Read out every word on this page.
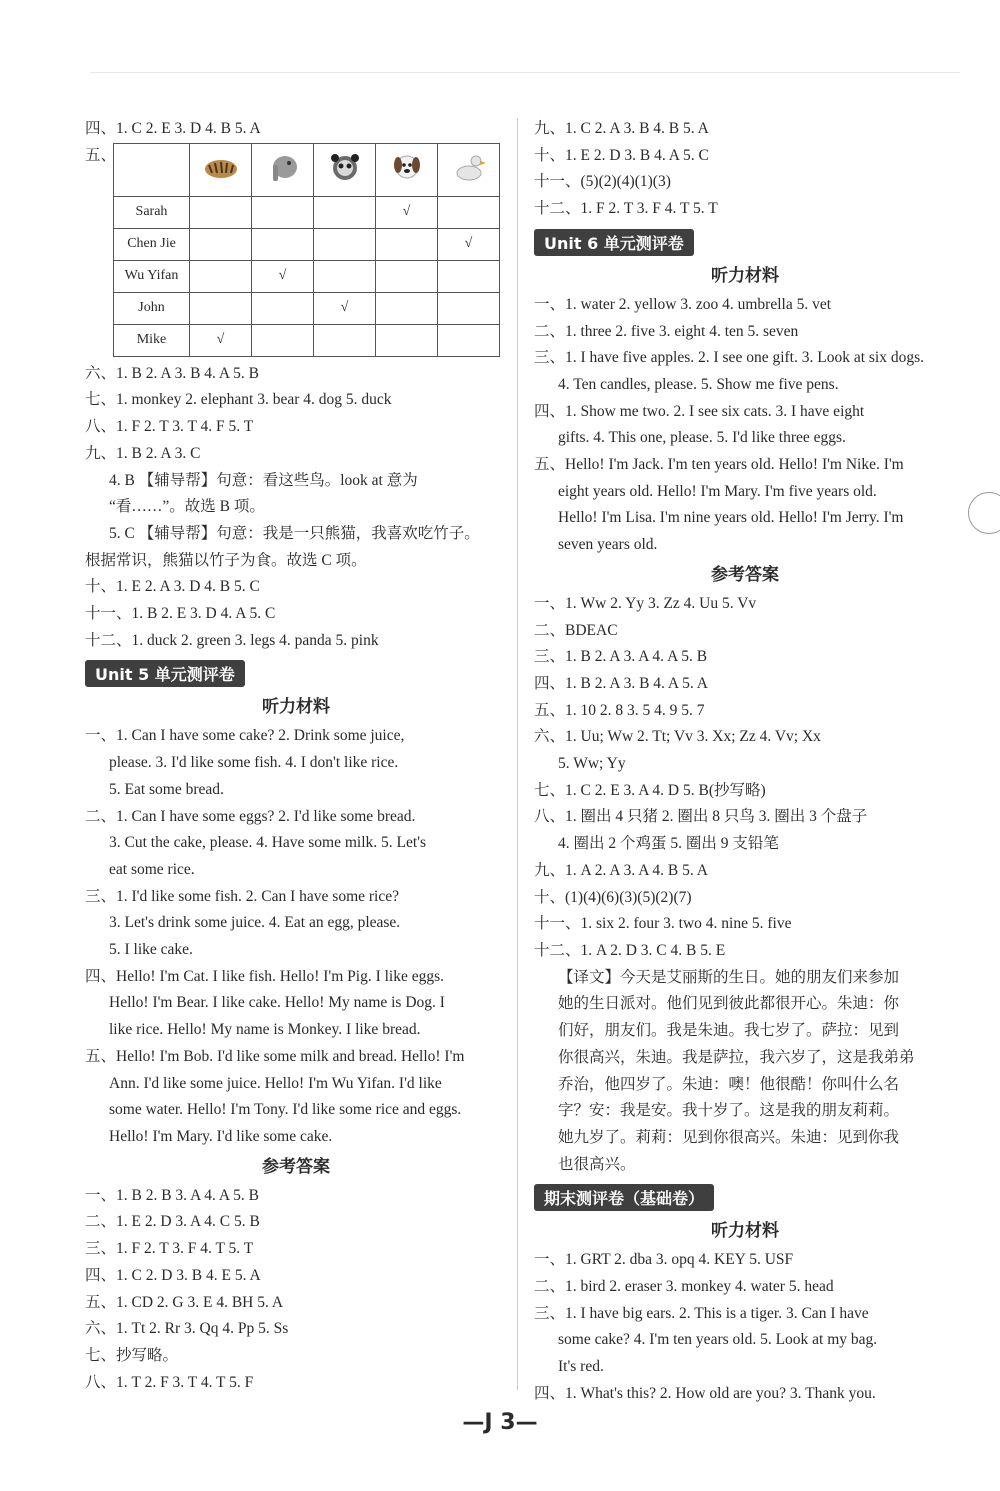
四、1. C 2. E 3. D 4. B 5. A
五、

Sarah				√	
Chen Jie					√
Wu Yifan		√			
John			√		
Mike	√				
六、1. B 2. A 3. B 4. A 5. B
七、1. monkey 2. elephant 3. bear 4. dog 5. duck
八、1. F 2. T 3. T 4. F 5. T
九、1. B 2. A 3. C
4. B 【辅导帮】句意：看这些鸟。look at 意为
“看……”。故选 B 项。
5. C 【辅导帮】句意：我是一只熊猫，我喜欢吃竹子。
根据常识，熊猫以竹子为食。故选 C 项。
十、1. E 2. A 3. D 4. B 5. C
十一、1. B 2. E 3. D 4. A 5. C
十二、1. duck 2. green 3. legs 4. panda 5. pink
Unit 5 单元测评卷
听力材料
一、1. Can I have some cake? 2. Drink some juice,
please. 3. I'd like some fish. 4. I don't like rice.
5. Eat some bread.
二、1. Can I have some eggs? 2. I'd like some bread.
3. Cut the cake, please. 4. Have some milk. 5. Let's
eat some rice.
三、1. I'd like some fish. 2. Can I have some rice?
3. Let's drink some juice. 4. Eat an egg, please.
5. I like cake.
四、Hello! I'm Cat. I like fish. Hello! I'm Pig. I like eggs.
Hello! I'm Bear. I like cake. Hello! My name is Dog. I
like rice. Hello! My name is Monkey. I like bread.
五、Hello! I'm Bob. I'd like some milk and bread. Hello! I'm
Ann. I'd like some juice. Hello! I'm Wu Yifan. I'd like
some water. Hello! I'm Tony. I'd like some rice and eggs.
Hello! I'm Mary. I'd like some cake.
参考答案
一、1. B 2. B 3. A 4. A 5. B
二、1. E 2. D 3. A 4. C 5. B
三、1. F 2. T 3. F 4. T 5. T
四、1. C 2. D 3. B 4. E 5. A
五、1. CD 2. G 3. E 4. BH 5. A
六、1. Tt 2. Rr 3. Qq 4. Pp 5. Ss
七、抄写略。
八、1. T 2. F 3. T 4. T 5. F
九、1. C 2. A 3. B 4. B 5. A
十、1. E 2. D 3. B 4. A 5. C
十一、(5)(2)(4)(1)(3)
十二、1. F 2. T 3. F 4. T 5. T
Unit 6 单元测评卷
听力材料
一、1. water 2. yellow 3. zoo 4. umbrella 5. vet
二、1. three 2. five 3. eight 4. ten 5. seven
三、1. I have five apples. 2. I see one gift. 3. Look at six dogs.
4. Ten candles, please. 5. Show me five pens.
四、1. Show me two. 2. I see six cats. 3. I have eight
gifts. 4. This one, please. 5. I'd like three eggs.
五、Hello! I'm Jack. I'm ten years old. Hello! I'm Nike. I'm
eight years old. Hello! I'm Mary. I'm five years old.
Hello! I'm Lisa. I'm nine years old. Hello! I'm Jerry. I'm
seven years old.
参考答案
一、1. Ww 2. Yy 3. Zz 4. Uu 5. Vv
二、BDEAC
三、1. B 2. A 3. A 4. A 5. B
四、1. B 2. A 3. B 4. A 5. A
五、1. 10 2. 8 3. 5 4. 9 5. 7
六、1. Uu; Ww 2. Tt; Vv 3. Xx; Zz 4. Vv; Xx
5. Ww; Yy
七、1. C 2. E 3. A 4. D 5. B(抄写略)
八、1. 圈出 4 只猪 2. 圈出 8 只鸟 3. 圈出 3 个盘子
4. 圈出 2 个鸡蛋 5. 圈出 9 支铅笔
九、1. A 2. A 3. A 4. B 5. A
十、(1)(4)(6)(3)(5)(2)(7)
十一、1. six 2. four 3. two 4. nine 5. five
十二、1. A 2. D 3. C 4. B 5. E
【译文】今天是艾丽斯的生日。她的朋友们来参加
她的生日派对。他们见到彼此都很开心。朱迪：你
们好，朋友们。我是朱迪。我七岁了。萨拉：见到
你很高兴，朱迪。我是萨拉，我六岁了，这是我弟弟
乔治，他四岁了。朱迪：噢！他很酷！你叫什么名
字？安：我是安。我十岁了。这是我的朋友莉莉。
她九岁了。莉莉：见到你很高兴。朱迪：见到你我
也很高兴。
期末测评卷（基础卷）
听力材料
一、1. GRT 2. dba 3. opq 4. KEY 5. USF
二、1. bird 2. eraser 3. monkey 4. water 5. head
三、1. I have big ears. 2. This is a tiger. 3. Can I have
some cake? 4. I'm ten years old. 5. Look at my bag.
It's red.
四、1. What's this? 2. How old are you? 3. Thank you.
—J 3—
